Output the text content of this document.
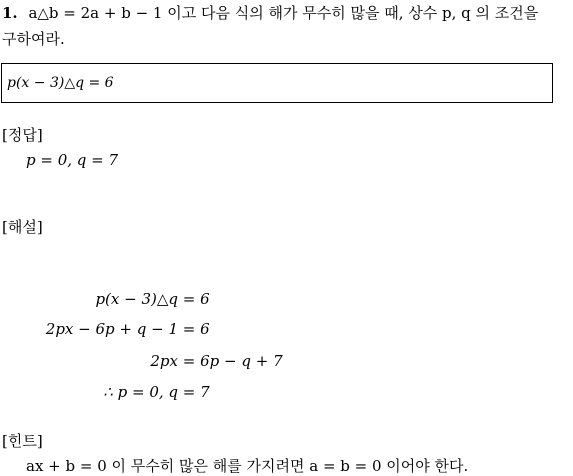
1. a△b = 2a + b − 1 이고 다음 식의 해가 무수히 많을 때, 상수 p, q 의 조건을
구하여라.
p(x − 3)△q = 6
[정답]
p = 0, q = 7
[해설]
p(x − 3)△q = 6
2px − 6p + q − 1 = 6
2px = 6p − q + 7
∴ p = 0, q = 7
[힌트]
ax + b = 0 이 무수히 많은 해를 가지려면 a = b = 0 이어야 한다.
